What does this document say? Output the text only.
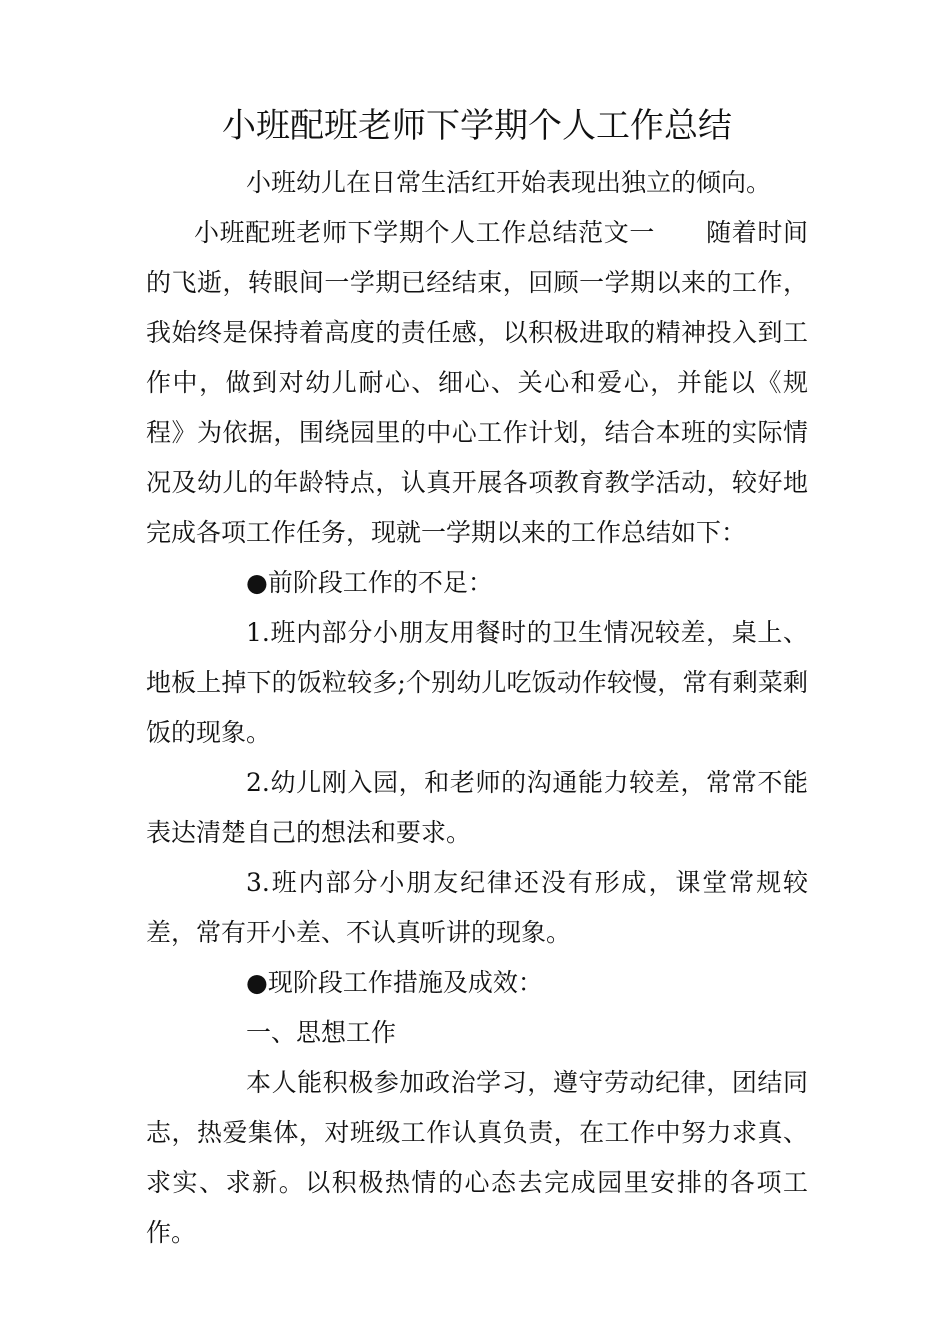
小班配班老师下学期个人工作总结

小班幼儿在日常生活红开始表现出独立的倾向。

小班配班老师下学期个人工作总结范文一　　随着时间的飞逝，转眼间一学期已经结束，回顾一学期以来的工作，我始终是保持着高度的责任感，以积极进取的精神投入到工作中，做到对幼儿耐心、细心、关心和爱心，并能以《规程》为依据，围绕园里的中心工作计划，结合本班的实际情况及幼儿的年龄特点，认真开展各项教育教学活动，较好地完成各项工作任务，现就一学期以来的工作总结如下：

●前阶段工作的不足：

1.班内部分小朋友用餐时的卫生情况较差，桌上、地板上掉下的饭粒较多;个别幼儿吃饭动作较慢，常有剩菜剩饭的现象。

2.幼儿刚入园，和老师的沟通能力较差，常常不能表达清楚自己的想法和要求。

3.班内部分小朋友纪律还没有形成，课堂常规较差，常有开小差、不认真听讲的现象。

●现阶段工作措施及成效：

一、思想工作

本人能积极参加政治学习，遵守劳动纪律，团结同志，热爱集体，对班级工作认真负责，在工作中努力求真、求实、求新。以积极热情的心态去完成园里安排的各项工作。
